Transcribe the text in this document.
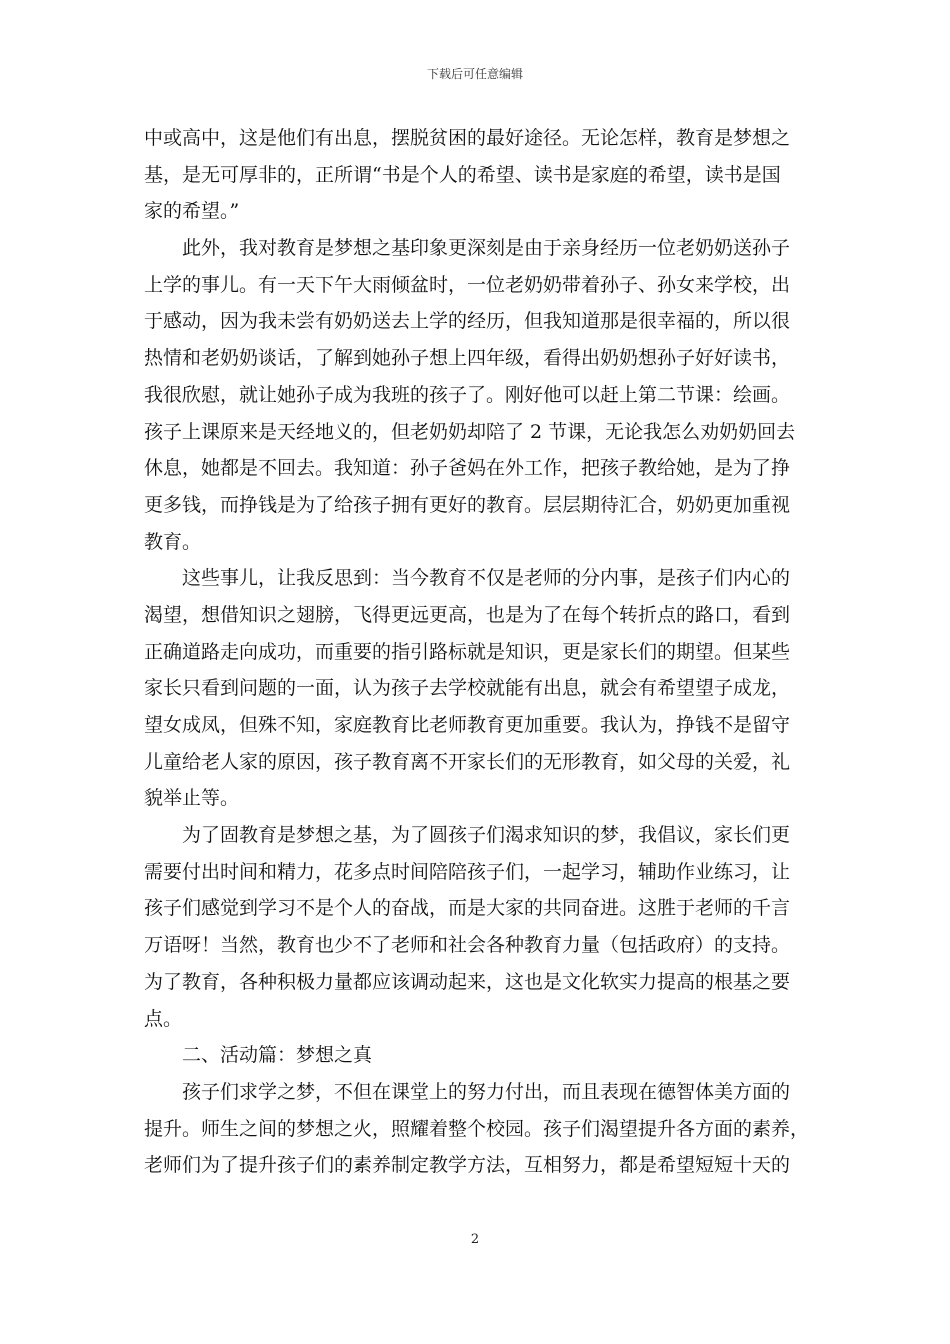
下载后可任意编辑
中或高中，这是他们有出息，摆脱贫困的最好途径。无论怎样，教育是梦想之
基，是无可厚非的，正所谓“书是个人的希望、读书是家庭的希望，读书是国
家的希望。”
此外，我对教育是梦想之基印象更深刻是由于亲身经历一位老奶奶送孙子
上学的事儿。有一天下午大雨倾盆时，一位老奶奶带着孙子、孙女来学校，出
于感动，因为我未尝有奶奶送去上学的经历，但我知道那是很幸福的，所以很
热情和老奶奶谈话，了解到她孙子想上四年级，看得出奶奶想孙子好好读书，
我很欣慰，就让她孙子成为我班的孩子了。刚好他可以赶上第二节课：绘画。
孩子上课原来是天经地义的，但老奶奶却陪了 2 节课，无论我怎么劝奶奶回去
休息，她都是不回去。我知道：孙子爸妈在外工作，把孩子教给她，是为了挣
更多钱，而挣钱是为了给孩子拥有更好的教育。层层期待汇合，奶奶更加重视
教育。
这些事儿，让我反思到：当今教育不仅是老师的分内事，是孩子们内心的
渴望，想借知识之翅膀，飞得更远更高，也是为了在每个转折点的路口，看到
正确道路走向成功，而重要的指引路标就是知识，更是家长们的期望。但某些
家长只看到问题的一面，认为孩子去学校就能有出息，就会有希望望子成龙，
望女成凤，但殊不知，家庭教育比老师教育更加重要。我认为，挣钱不是留守
儿童给老人家的原因，孩子教育离不开家长们的无形教育，如父母的关爱，礼
貌举止等。
为了固教育是梦想之基，为了圆孩子们渴求知识的梦，我倡议，家长们更
需要付出时间和精力，花多点时间陪陪孩子们，一起学习，辅助作业练习，让
孩子们感觉到学习不是个人的奋战，而是大家的共同奋进。这胜于老师的千言
万语呀！当然，教育也少不了老师和社会各种教育力量（包括政府）的支持。
为了教育，各种积极力量都应该调动起来，这也是文化软实力提高的根基之要
点。
二、活动篇：梦想之真
孩子们求学之梦，不但在课堂上的努力付出，而且表现在德智体美方面的
提升。师生之间的梦想之火，照耀着整个校园。孩子们渴望提升各方面的素养，
老师们为了提升孩子们的素养制定教学方法，互相努力，都是希望短短十天的
2
